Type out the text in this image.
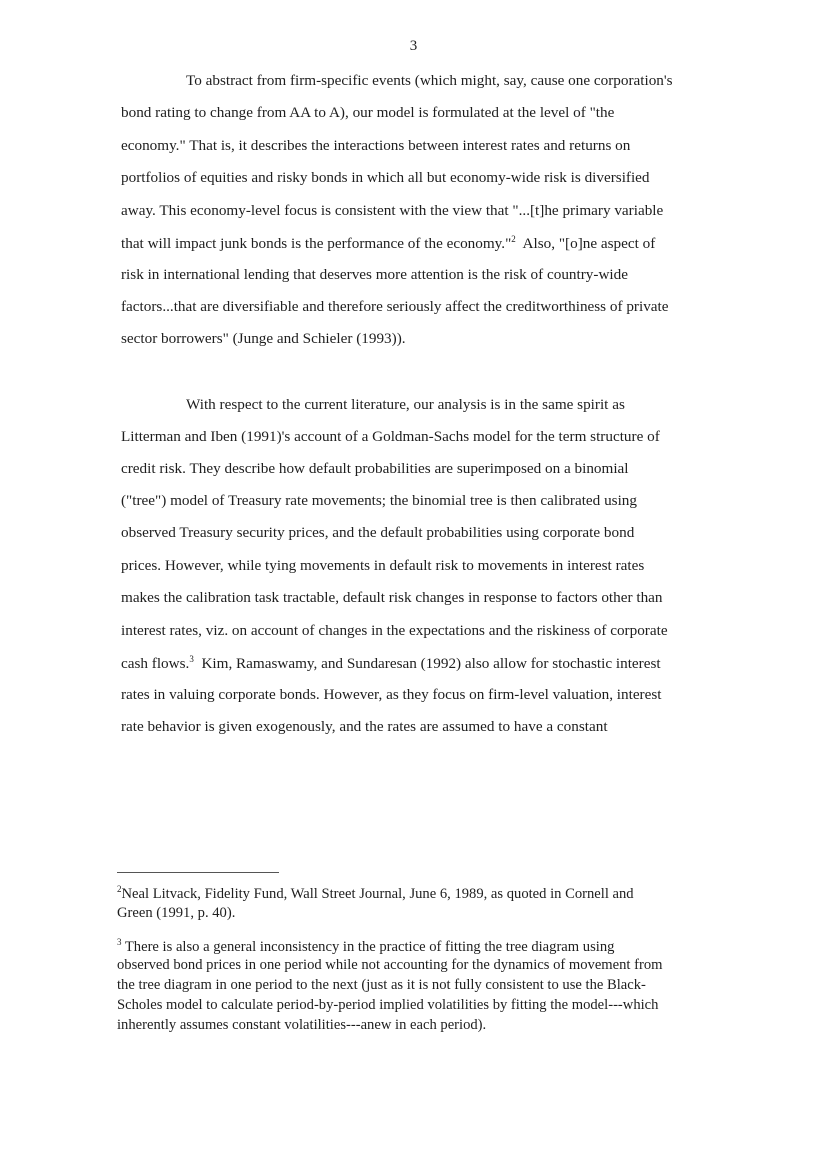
3
To abstract from firm-specific events (which might, say, cause one corporation's
bond rating to change from AA to A), our model is formulated at the level of "the
economy." That is, it describes the interactions between interest rates and returns on
portfolios of equities and risky bonds in which all but economy-wide risk is diversified
away. This economy-level focus is consistent with the view that "...[t]he primary variable
that will impact junk bonds is the performance of the economy."$^2$  Also, "[o]ne aspect of
risk in international lending that deserves more attention is the risk of country-wide
factors...that are diversifiable and therefore seriously affect the creditworthiness of private
sector borrowers" (Junge and Schieler (1993)).
With respect to the current literature, our analysis is in the same spirit as
Litterman and Iben (1991)'s account of a Goldman-Sachs model for the term structure of
credit risk. They describe how default probabilities are superimposed on a binomial
("tree") model of Treasury rate movements; the binomial tree is then calibrated using
observed Treasury security prices, and the default probabilities using corporate bond
prices. However, while tying movements in default risk to movements in interest rates
makes the calibration task tractable, default risk changes in response to factors other than
interest rates, viz. on account of changes in the expectations and the riskiness of corporate
cash flows.$^3$  Kim, Ramaswamy, and Sundaresan (1992) also allow for stochastic interest
rates in valuing corporate bonds. However, as they focus on firm-level valuation, interest
rate behavior is given exogenously, and the rates are assumed to have a constant
$^2$Neal Litvack, Fidelity Fund, Wall Street Journal, June 6, 1989, as quoted in Cornell and
Green (1991, p. 40).
$^3$ There is also a general inconsistency in the practice of fitting the tree diagram using
observed bond prices in one period while not accounting for the dynamics of movement from
the tree diagram in one period to the next (just as it is not fully consistent to use the Black-
Scholes model to calculate period-by-period implied volatilities by fitting the model---which
inherently assumes constant volatilities---anew in each period).
